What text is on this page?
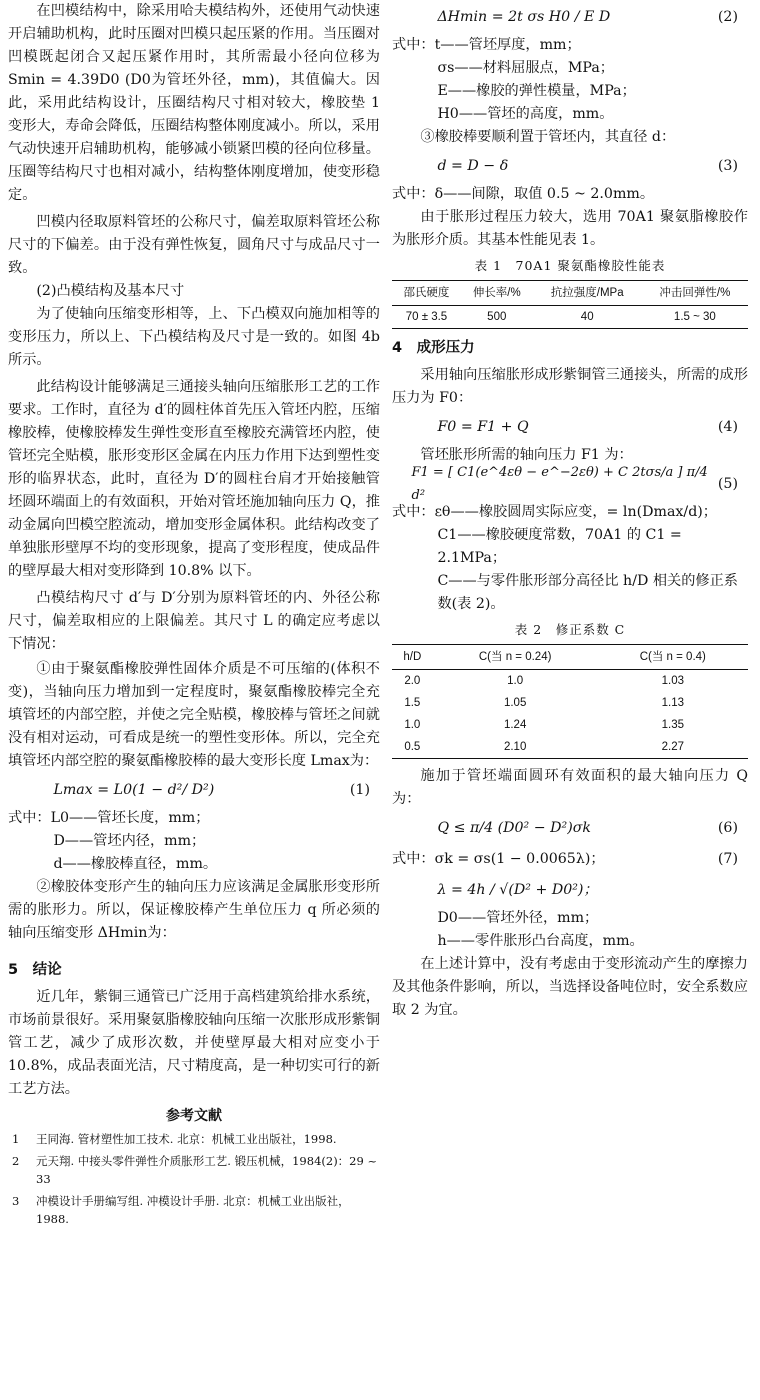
在凹模结构中，除采用哈夫模结构外，还使用气动快速开启辅助机构，此时压圈对凹模只起压紧的作用。当压圈对凹模既起闭合又起压紧作用时，其所需最小径向位移为 Smin = 4.39D0 (D0为管坯外径，mm)，其值偏大。因此，采用此结构设计，压圈结构尺寸相对较大，橡胶垫 1 变形大，寿命会降低，压圈结构整体刚度减小。所以，采用气动快速开启辅助机构，能够减小锁紧凹模的径向位移量。压圈等结构尺寸也相对减小，结构整体刚度增加，使变形稳定。

凹模内径取原料管坯的公称尺寸，偏差取原料管坯公称尺寸的下偏差。由于没有弹性恢复，圆角尺寸与成品尺寸一致。

(2)凸模结构及基本尺寸

为了使轴向压缩变形相等，上、下凸模双向施加相等的变形压力，所以上、下凸模结构及尺寸是一致的。如图 4b 所示。

此结构设计能够满足三通接头轴向压缩胀形工艺的工作要求。工作时，直径为 d′的圆柱体首先压入管坯内腔，压缩橡胶棒，使橡胶棒发生弹性变形直至橡胶充满管坯内腔，使管坯完全贴模，胀形变形区金属在内压力作用下达到塑性变形的临界状态，此时，直径为 D′的圆柱台肩才开始接触管坯圆环端面上的有效面积，开始对管坯施加轴向压力 Q，推动金属向凹模空腔流动，增加变形金属体积。此结构改变了单独胀形壁厚不均的变形现象，提高了变形程度，使成品件的壁厚最大相对变形降到 10.8% 以下。

凸模结构尺寸 d′与 D′分别为原料管坯的内、外径公称尺寸，偏差取相应的上限偏差。其尺寸 L 的确定应考虑以下情况：

①由于聚氨酯橡胶弹性固体介质是不可压缩的(体积不变)，当轴向压力增加到一定程度时，聚氨酯橡胶棒完全充填管坯的内部空腔，并使之完全贴模，橡胶棒与管坯之间就没有相对运动，可看成是统一的塑性变形体。所以，完全充填管坯内部空腔的聚氨酯橡胶棒的最大变形长度 Lmax为：

Lmax = L0(1 − d²/ D²)	(1)
式中：L0——管坯长度，mm；
D——管坯内径，mm；
d——橡胶棒直径，mm。

②橡胶体变形产生的轴向压力应该满足金属胀形变形所需的胀形力。所以，保证橡胶棒产生单位压力 q 所必须的轴向压缩变形 ΔHmin为：

5　结论

近几年，紫铜三通管已广泛用于高档建筑给排水系统，市场前景很好。采用聚氨脂橡胶轴向压缩一次胀形成形紫铜管工艺，减少了成形次数，并使壁厚最大相对应变小于 10.8%，成品表面光洁，尺寸精度高，是一种切实可行的新工艺方法。

参考文献
1	王同海. 管材塑性加工技术. 北京：机械工业出版社，1998.
2	元天翔. 中接头零件弹性介质胀形工艺. 锻压机械，1984(2)：29 ~ 33
3	冲模设计手册编写组. 冲模设计手册. 北京：机械工业出版社，1988.
ΔHmin = 2t σs H0 / E D	(2)
式中：t——管坯厚度，mm；
σs——材料屈服点，MPa；
E——橡胶的弹性模量，MPa；
H0——管坯的高度，mm。

③橡胶棒要顺利置于管坯内，其直径 d：

d = D − δ	(3)
式中：δ——间隙，取值 0.5 ~ 2.0mm。

由于胀形过程压力较大，选用 70A1 聚氨脂橡胶作为胀形介质。其基本性能见表 1。

表 1　70A1 聚氨酯橡胶性能表
邵氏硬度	伸长率/%	抗拉强度/MPa	冲击回弹性/%
70 ± 3.5	500	40	1.5 ~ 30
4　成形压力

采用轴向压缩胀形成形紫铜管三通接头，所需的成形压力为 F0：

F0 = F1 + Q	(4)

管坯胀形所需的轴向压力 F1 为：

F1 = [ C1(e^4εθ − e^−2εθ) + C 2tσs/a ] π/4 d²
(5)
式中：εθ——橡胶圆周实际应变，= ln(Dmax/d)；
C1——橡胶硬度常数，70A1 的 C1 = 2.1MPa；
C——与零件胀形部分高径比 h/D 相关的修正系数(表 2)。
表 2　修正系数 C
h/D	C(当 n = 0.24)	C(当 n = 0.4)
2.0	1.0	1.03
1.5	1.05	1.13
1.0	1.24	1.35
0.5	2.10	2.27

施加于管坯端面圆环有效面积的最大轴向压力 Q 为：

Q ≤ π/4 (D0² − D²)σk	(6)
式中：σk = σs(1 − 0.0065λ)；	(7)
λ = 4h / √(D² + D0²)；
D0——管坯外径，mm；
h——零件胀形凸台高度，mm。

在上述计算中，没有考虑由于变形流动产生的摩擦力及其他条件影响，所以，当选择设备吨位时，安全系数应取 2 为宜。
